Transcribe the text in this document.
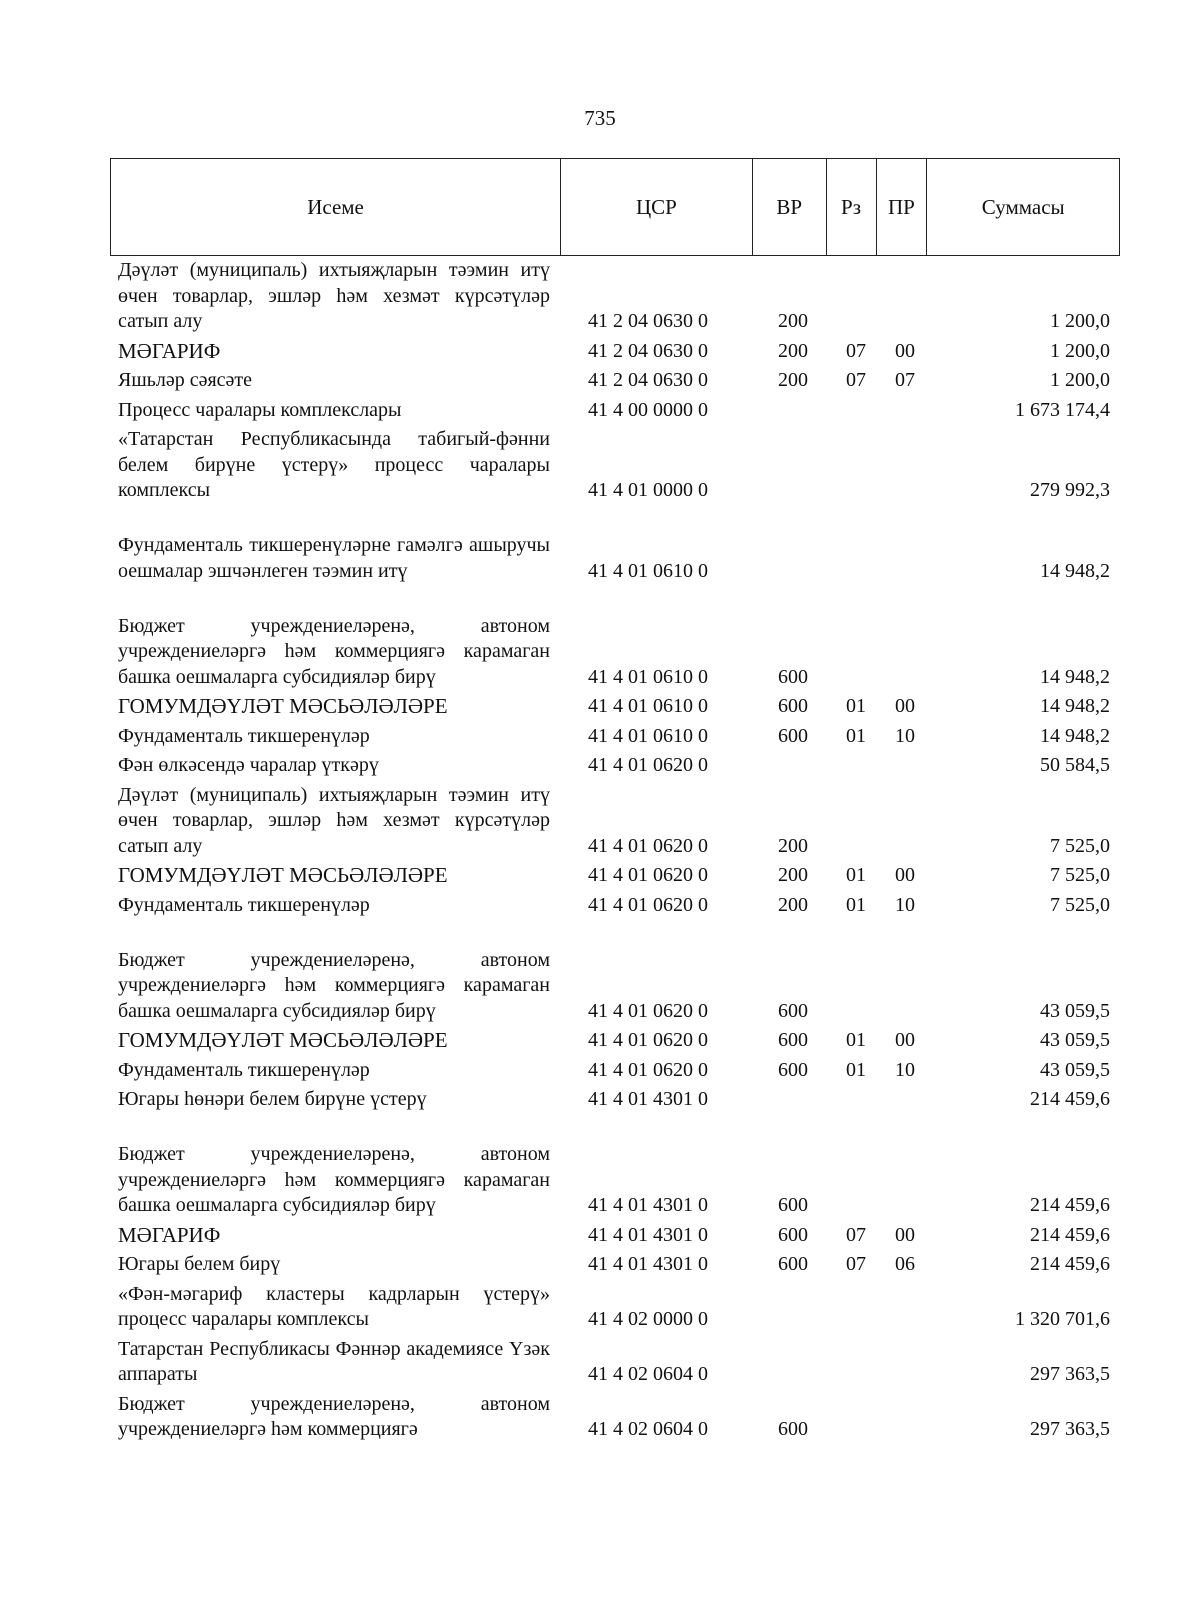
735
Исеме	ЦСР	ВР	Рз	ПР	Суммасы
Дәүләт (муниципаль) ихтыяҗларын тәэмин итү өчен товарлар, эшләр һәм хезмәт күрсәтүләр сатып алу	41 2 04 0630 0	200	1 200,0
МӘГАРИФ	41 2 04 0630 0	200 07 00	1 200,0
Яшьләр сәясәте	41 2 04 0630 0	200 07 07	1 200,0
Процесс чаралары комплекслары	41 4 00 0000 0	1 673 174,4
«Татарстан Республикасында табигый-фәнни белем бирүне үстерү» процесс чаралары комплексы	41 4 01 0000 0	279 992,3
Фундаменталь тикшеренүләрне гамәлгә ашыручы оешмалар эшчәнлеген тәэмин итү	41 4 01 0610 0	14 948,2
Бюджет учреждениеләренә, автоном учреждениеләргә һәм коммерциягә карамаган башка оешмаларга субсидияләр бирү	41 4 01 0610 0	600	14 948,2
ГОМУМДӘҮЛӘТ МӘСЬӘЛӘЛӘРЕ	41 4 01 0610 0	600 01 00	14 948,2
Фундаменталь тикшеренүләр	41 4 01 0610 0	600 01 10	14 948,2
Фән өлкәсендә чаралар үткәрү	41 4 01 0620 0	50 584,5
Дәүләт (муниципаль) ихтыяҗларын тәэмин итү өчен товарлар, эшләр һәм хезмәт күрсәтүләр сатып алу	41 4 01 0620 0	200	7 525,0
ГОМУМДӘҮЛӘТ МӘСЬӘЛӘЛӘРЕ	41 4 01 0620 0	200 01 00	7 525,0
Фундаменталь тикшеренүләр	41 4 01 0620 0	200 01 10	7 525,0
Бюджет учреждениеләренә, автоном учреждениеләргә һәм коммерциягә карамаган башка оешмаларга субсидияләр бирү	41 4 01 0620 0	600	43 059,5
ГОМУМДӘҮЛӘТ МӘСЬӘЛӘЛӘРЕ	41 4 01 0620 0	600 01 00	43 059,5
Фундаменталь тикшеренүләр	41 4 01 0620 0	600 01 10	43 059,5
Югары һөнәри белем бирүне үстерү	41 4 01 4301 0	214 459,6
Бюджет учреждениеләренә, автоном учреждениеләргә һәм коммерциягә карамаган башка оешмаларга субсидияләр бирү	41 4 01 4301 0	600	214 459,6
МӘГАРИФ	41 4 01 4301 0	600 07 00	214 459,6
Югары белем бирү	41 4 01 4301 0	600 07 06	214 459,6
«Фән-мәгариф кластеры кадрларын үстерү» процесс чаралары комплексы	41 4 02 0000 0	1 320 701,6
Татарстан Республикасы Фәннәр академиясе Үзәк аппараты	41 4 02 0604 0	297 363,5
Бюджет учреждениеләренә, автоном учреждениеләргә һәм коммерциягә	41 4 02 0604 0	600	297 363,5
